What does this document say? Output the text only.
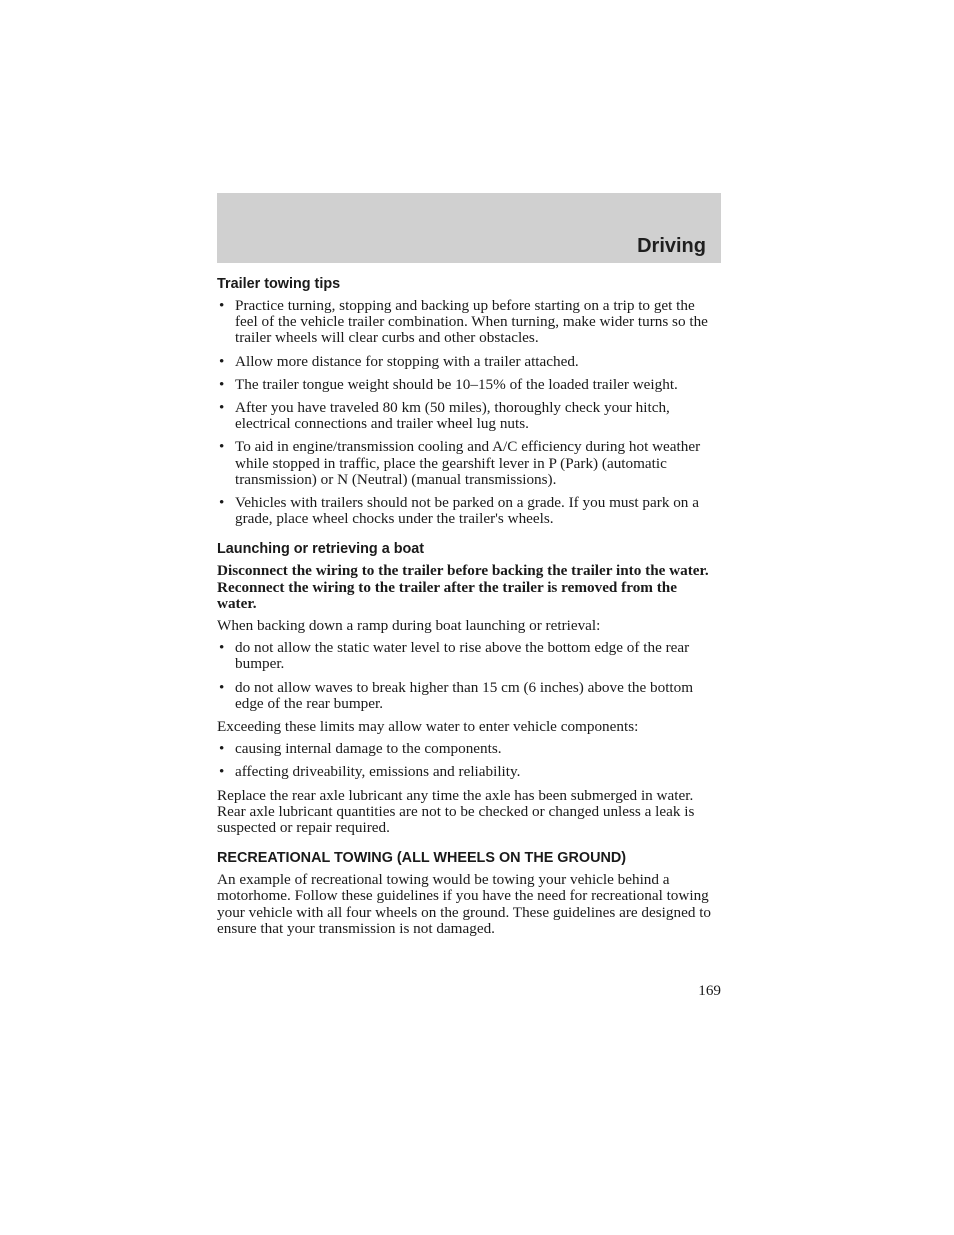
Driving
Trailer towing tips
• Practice turning, stopping and backing up before starting on a trip to get the feel of the vehicle trailer combination. When turning, make wider turns so the trailer wheels will clear curbs and other obstacles.
• Allow more distance for stopping with a trailer attached.
• The trailer tongue weight should be 10–15% of the loaded trailer weight.
• After you have traveled 80 km (50 miles), thoroughly check your hitch, electrical connections and trailer wheel lug nuts.
• To aid in engine/transmission cooling and A/C efficiency during hot weather while stopped in traffic, place the gearshift lever in P (Park) (automatic transmission) or N (Neutral) (manual transmissions).
• Vehicles with trailers should not be parked on a grade. If you must park on a grade, place wheel chocks under the trailer's wheels.
Launching or retrieving a boat

Disconnect the wiring to the trailer before backing the trailer into the water. Reconnect the wiring to the trailer after the trailer is removed from the water.

When backing down a ramp during boat launching or retrieval:

• do not allow the static water level to rise above the bottom edge of the rear bumper.
• do not allow waves to break higher than 15 cm (6 inches) above the bottom edge of the rear bumper.

Exceeding these limits may allow water to enter vehicle components:

• causing internal damage to the components.
• affecting driveability, emissions and reliability.

Replace the rear axle lubricant any time the axle has been submerged in water. Rear axle lubricant quantities are not to be checked or changed unless a leak is suspected or repair required.

RECREATIONAL TOWING (ALL WHEELS ON THE GROUND)

An example of recreational towing would be towing your vehicle behind a motorhome. Follow these guidelines if you have the need for recreational towing your vehicle with all four wheels on the ground. These guidelines are designed to ensure that your transmission is not damaged.

169
